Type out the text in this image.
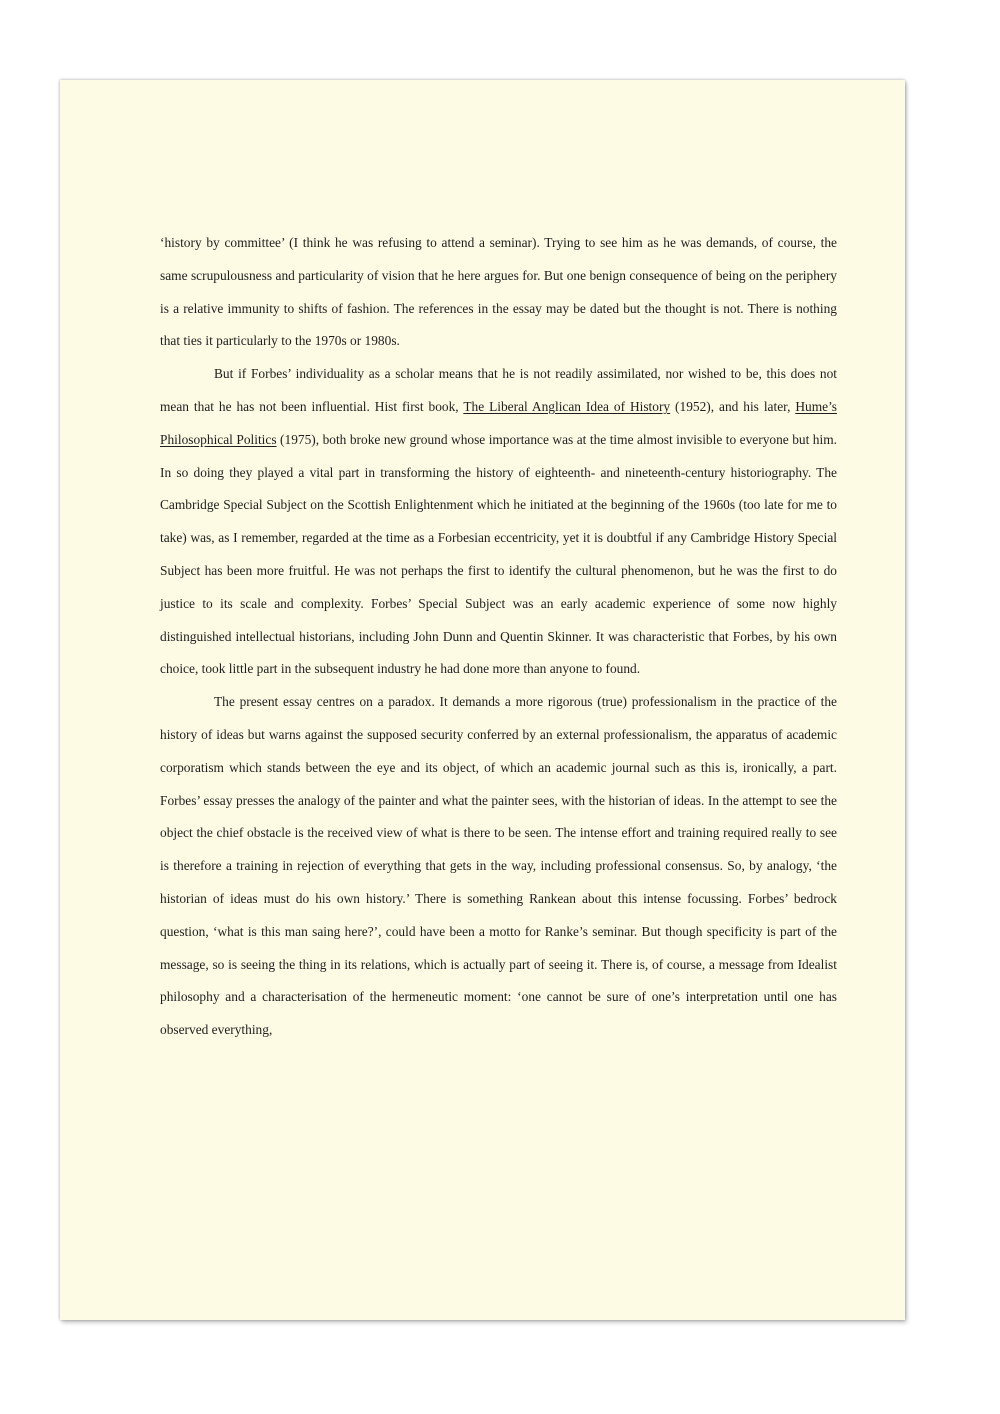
‘history by committee’ (I think he was refusing to attend a seminar). Trying to see him as he was demands, of course, the same scrupulousness and particularity of vision that he here argues for. But one benign consequence of being on the periphery is a relative immunity to shifts of fashion. The references in the essay may be dated but the thought is not. There is nothing that ties it particularly to the 1970s or 1980s.

But if Forbes’ individuality as a scholar means that he is not readily assimilated, nor wished to be, this does not mean that he has not been influential. Hist first book, The Liberal Anglican Idea of History (1952), and his later, Hume’s Philosophical Politics (1975), both broke new ground whose importance was at the time almost invisible to everyone but him. In so doing they played a vital part in transforming the history of eighteenth- and nineteenth-century historiography. The Cambridge Special Subject on the Scottish Enlightenment which he initiated at the beginning of the 1960s (too late for me to take) was, as I remember, regarded at the time as a Forbesian eccentricity, yet it is doubtful if any Cambridge History Special Subject has been more fruitful. He was not perhaps the first to identify the cultural phenomenon, but he was the first to do justice to its scale and complexity. Forbes’ Special Subject was an early academic experience of some now highly distinguished intellectual historians, including John Dunn and Quentin Skinner. It was characteristic that Forbes, by his own choice, took little part in the subsequent industry he had done more than anyone to found.

The present essay centres on a paradox. It demands a more rigorous (true) professionalism in the practice of the history of ideas but warns against the supposed security conferred by an external professionalism, the apparatus of academic corporatism which stands between the eye and its object, of which an academic journal such as this is, ironically, a part. Forbes’ essay presses the analogy of the painter and what the painter sees, with the historian of ideas. In the attempt to see the object the chief obstacle is the received view of what is there to be seen. The intense effort and training required really to see is therefore a training in rejection of everything that gets in the way, including professional consensus. So, by analogy, ‘the historian of ideas must do his own history.’ There is something Rankean about this intense focussing. Forbes’ bedrock question, ‘what is this man saing here?’, could have been a motto for Ranke’s seminar. But though specificity is part of the message, so is seeing the thing in its relations, which is actually part of seeing it. There is, of course, a message from Idealist philosophy and a characterisation of the hermeneutic moment: ‘one cannot be sure of one’s interpretation until one has observed everything,
